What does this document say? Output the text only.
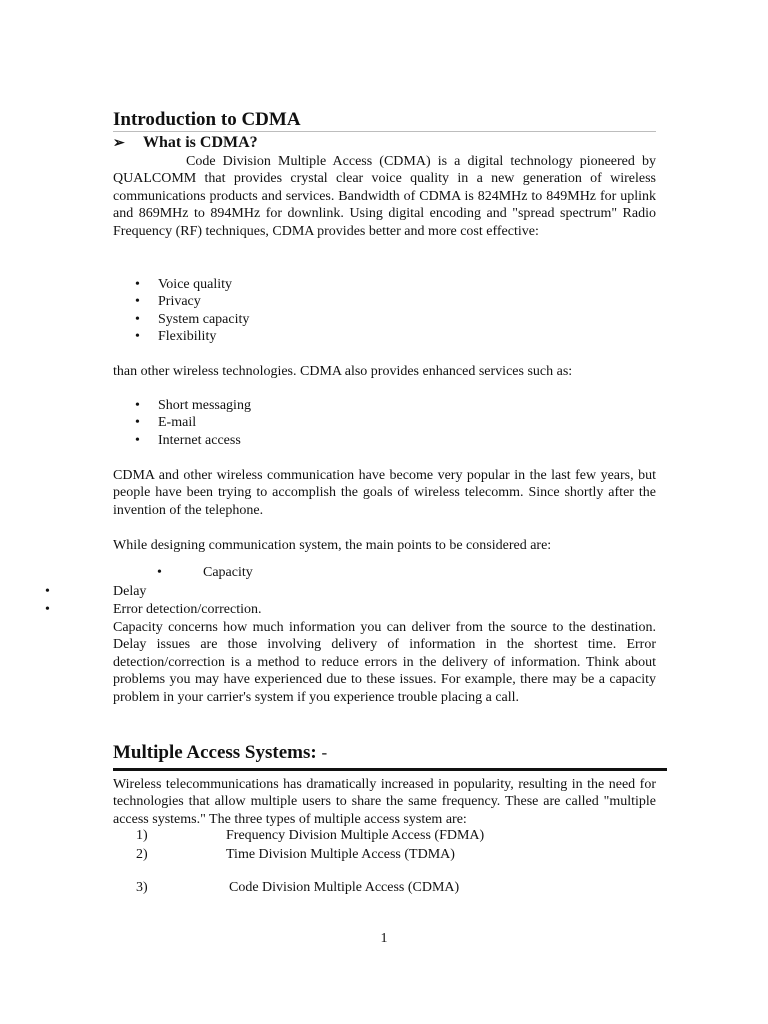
Introduction to CDMA
➢ What is CDMA?
Code Division Multiple Access (CDMA) is a digital technology pioneered by QUALCOMM that provides crystal clear voice quality in a new generation of wireless communications products and services. Bandwidth of CDMA is 824MHz to 849MHz for uplink and 869MHz to 894MHz for downlink. Using digital encoding and "spread spectrum" Radio Frequency (RF) techniques, CDMA provides better and more cost effective:
• Voice quality
• Privacy
• System capacity
• Flexibility
than other wireless technologies. CDMA also provides enhanced services such as:
• Short messaging
• E-mail
• Internet access
CDMA and other wireless communication have become very popular in the last few years, but people have been trying to accomplish the goals of wireless telecomm. Since shortly after the invention of the telephone.
While designing communication system, the main points to be considered are:
•	Capacity
•	Delay
•	Error detection/correction.
Capacity concerns how much information you can deliver from the source to the destination. Delay issues are those involving delivery of information in the shortest time. Error detection/correction is a method to reduce errors in the delivery of information. Think about problems you may have experienced due to these issues. For example, there may be a capacity problem in your carrier's system if you experience trouble placing a call.
Multiple Access Systems: -
Wireless telecommunications has dramatically increased in popularity, resulting in the need for technologies that allow multiple users to share the same frequency. These are called "multiple access systems." The three types of multiple access system are:
1)	Frequency Division Multiple Access (FDMA)
2)	Time Division Multiple Access (TDMA)
3)	Code Division Multiple Access (CDMA)
1
